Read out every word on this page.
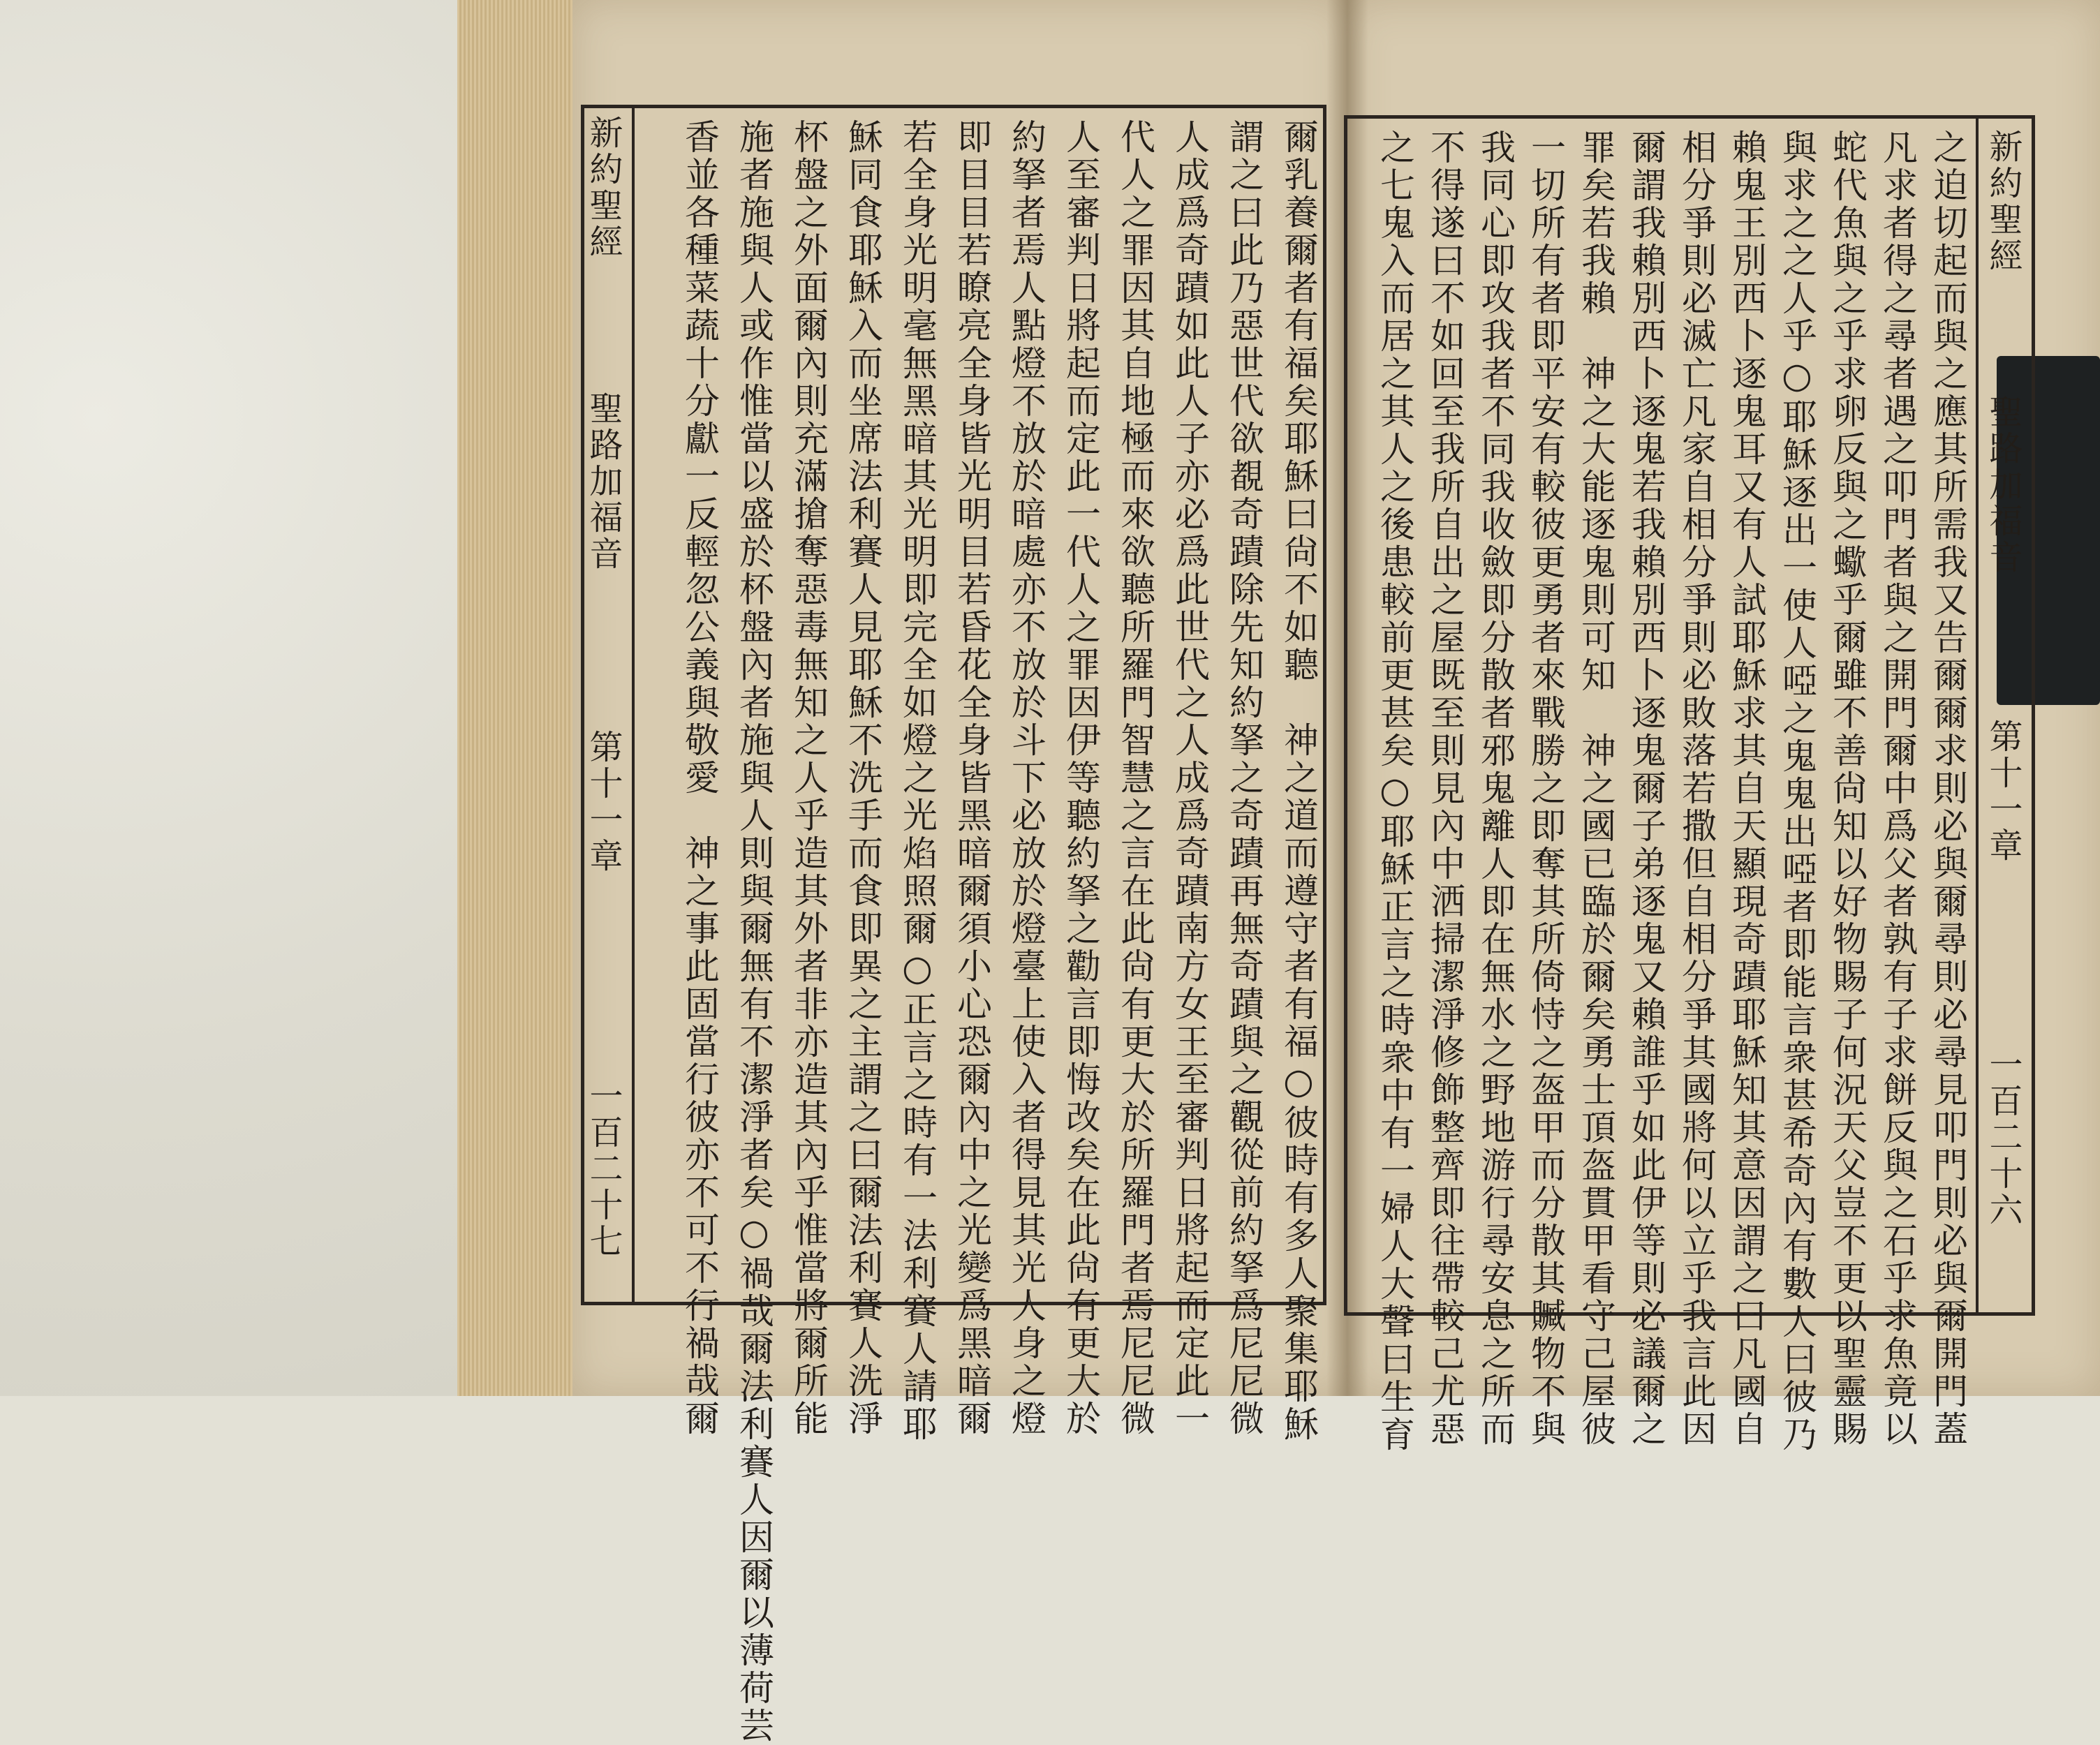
新約聖經
聖路加福音
第十一章
一百二十七	爾乳養爾者有福矣耶穌曰尙不如聽　神之道而遵守者有福○彼時有多人聚集耶穌
謂之曰此乃惡世代欲覩奇蹟除先知約拏之奇蹟再無奇蹟與之觀從前約拏爲尼尼微
人成爲奇蹟如此人子亦必爲此世代之人成爲奇蹟南方女王至審判日將起而定此一
代人之罪因其自地極而來欲聽所羅門智慧之言在此尙有更大於所羅門者焉尼尼微
人至審判日將起而定此一代人之罪因伊等聽約拏之勸言即悔改矣在此尙有更大於
約拏者焉人點燈不放於暗處亦不放於斗下必放於燈臺上使入者得見其光人身之燈
即目目若瞭亮全身皆光明目若昏花全身皆黑暗爾須小心恐爾內中之光變爲黑暗爾
若全身光明毫無黑暗其光明即完全如燈之光焰照爾○正言之時有一法利賽人請耶
穌同食耶穌入而坐席法利賽人見耶穌不洗手而食即異之主謂之曰爾法利賽人洗淨
杯盤之外面爾內則充滿搶奪惡毒無知之人乎造其外者非亦造其內乎惟當將爾所能
施者施與人或作惟當以盛於杯盤內者施與人則與爾無有不潔淨者矣○禍哉爾法利賽人因爾以薄荷芸
香並各種菜蔬十分獻一反輕忽公義與敬愛　神之事此固當行彼亦不可不行禍哉爾	新約聖經
聖路加福音
第十一章
一百二十六
之迫切起而與之應其所需我又告爾爾求則必與爾尋則必尋見叩門則必與爾開門蓋
凡求者得之尋者遇之叩門者與之開門爾中爲父者孰有子求餅反與之石乎求魚竟以
蛇代魚與之乎求卵反與之蠍乎爾雖不善尙知以好物賜子何況天父豈不更以聖靈賜
與求之之人乎○耶穌逐出一使人啞之鬼鬼出啞者即能言衆甚希奇內有數人曰彼乃
賴鬼王別西卜逐鬼耳又有人試耶穌求其自天顯現奇蹟耶穌知其意因謂之曰凡國自
相分爭則必滅亡凡家自相分爭則必敗落若撒但自相分爭其國將何以立乎我言此因
爾謂我賴別西卜逐鬼若我賴別西卜逐鬼爾子弟逐鬼又賴誰乎如此伊等則必議爾之
罪矣若我賴　神之大能逐鬼則可知　神之國已臨於爾矣勇士頂盔貫甲看守己屋彼
一切所有者即平安有較彼更勇者來戰勝之即奪其所倚恃之盔甲而分散其贓物不與
我同心即攻我者不同我收斂即分散者邪鬼離人即在無水之野地游行尋安息之所而
不得遂曰不如回至我所自出之屋既至則見內中洒掃潔淨修飾整齊即往帶較己尤惡
之七鬼入而居之其人之後患較前更甚矣○耶穌正言之時衆中有一婦人大聲曰生育
